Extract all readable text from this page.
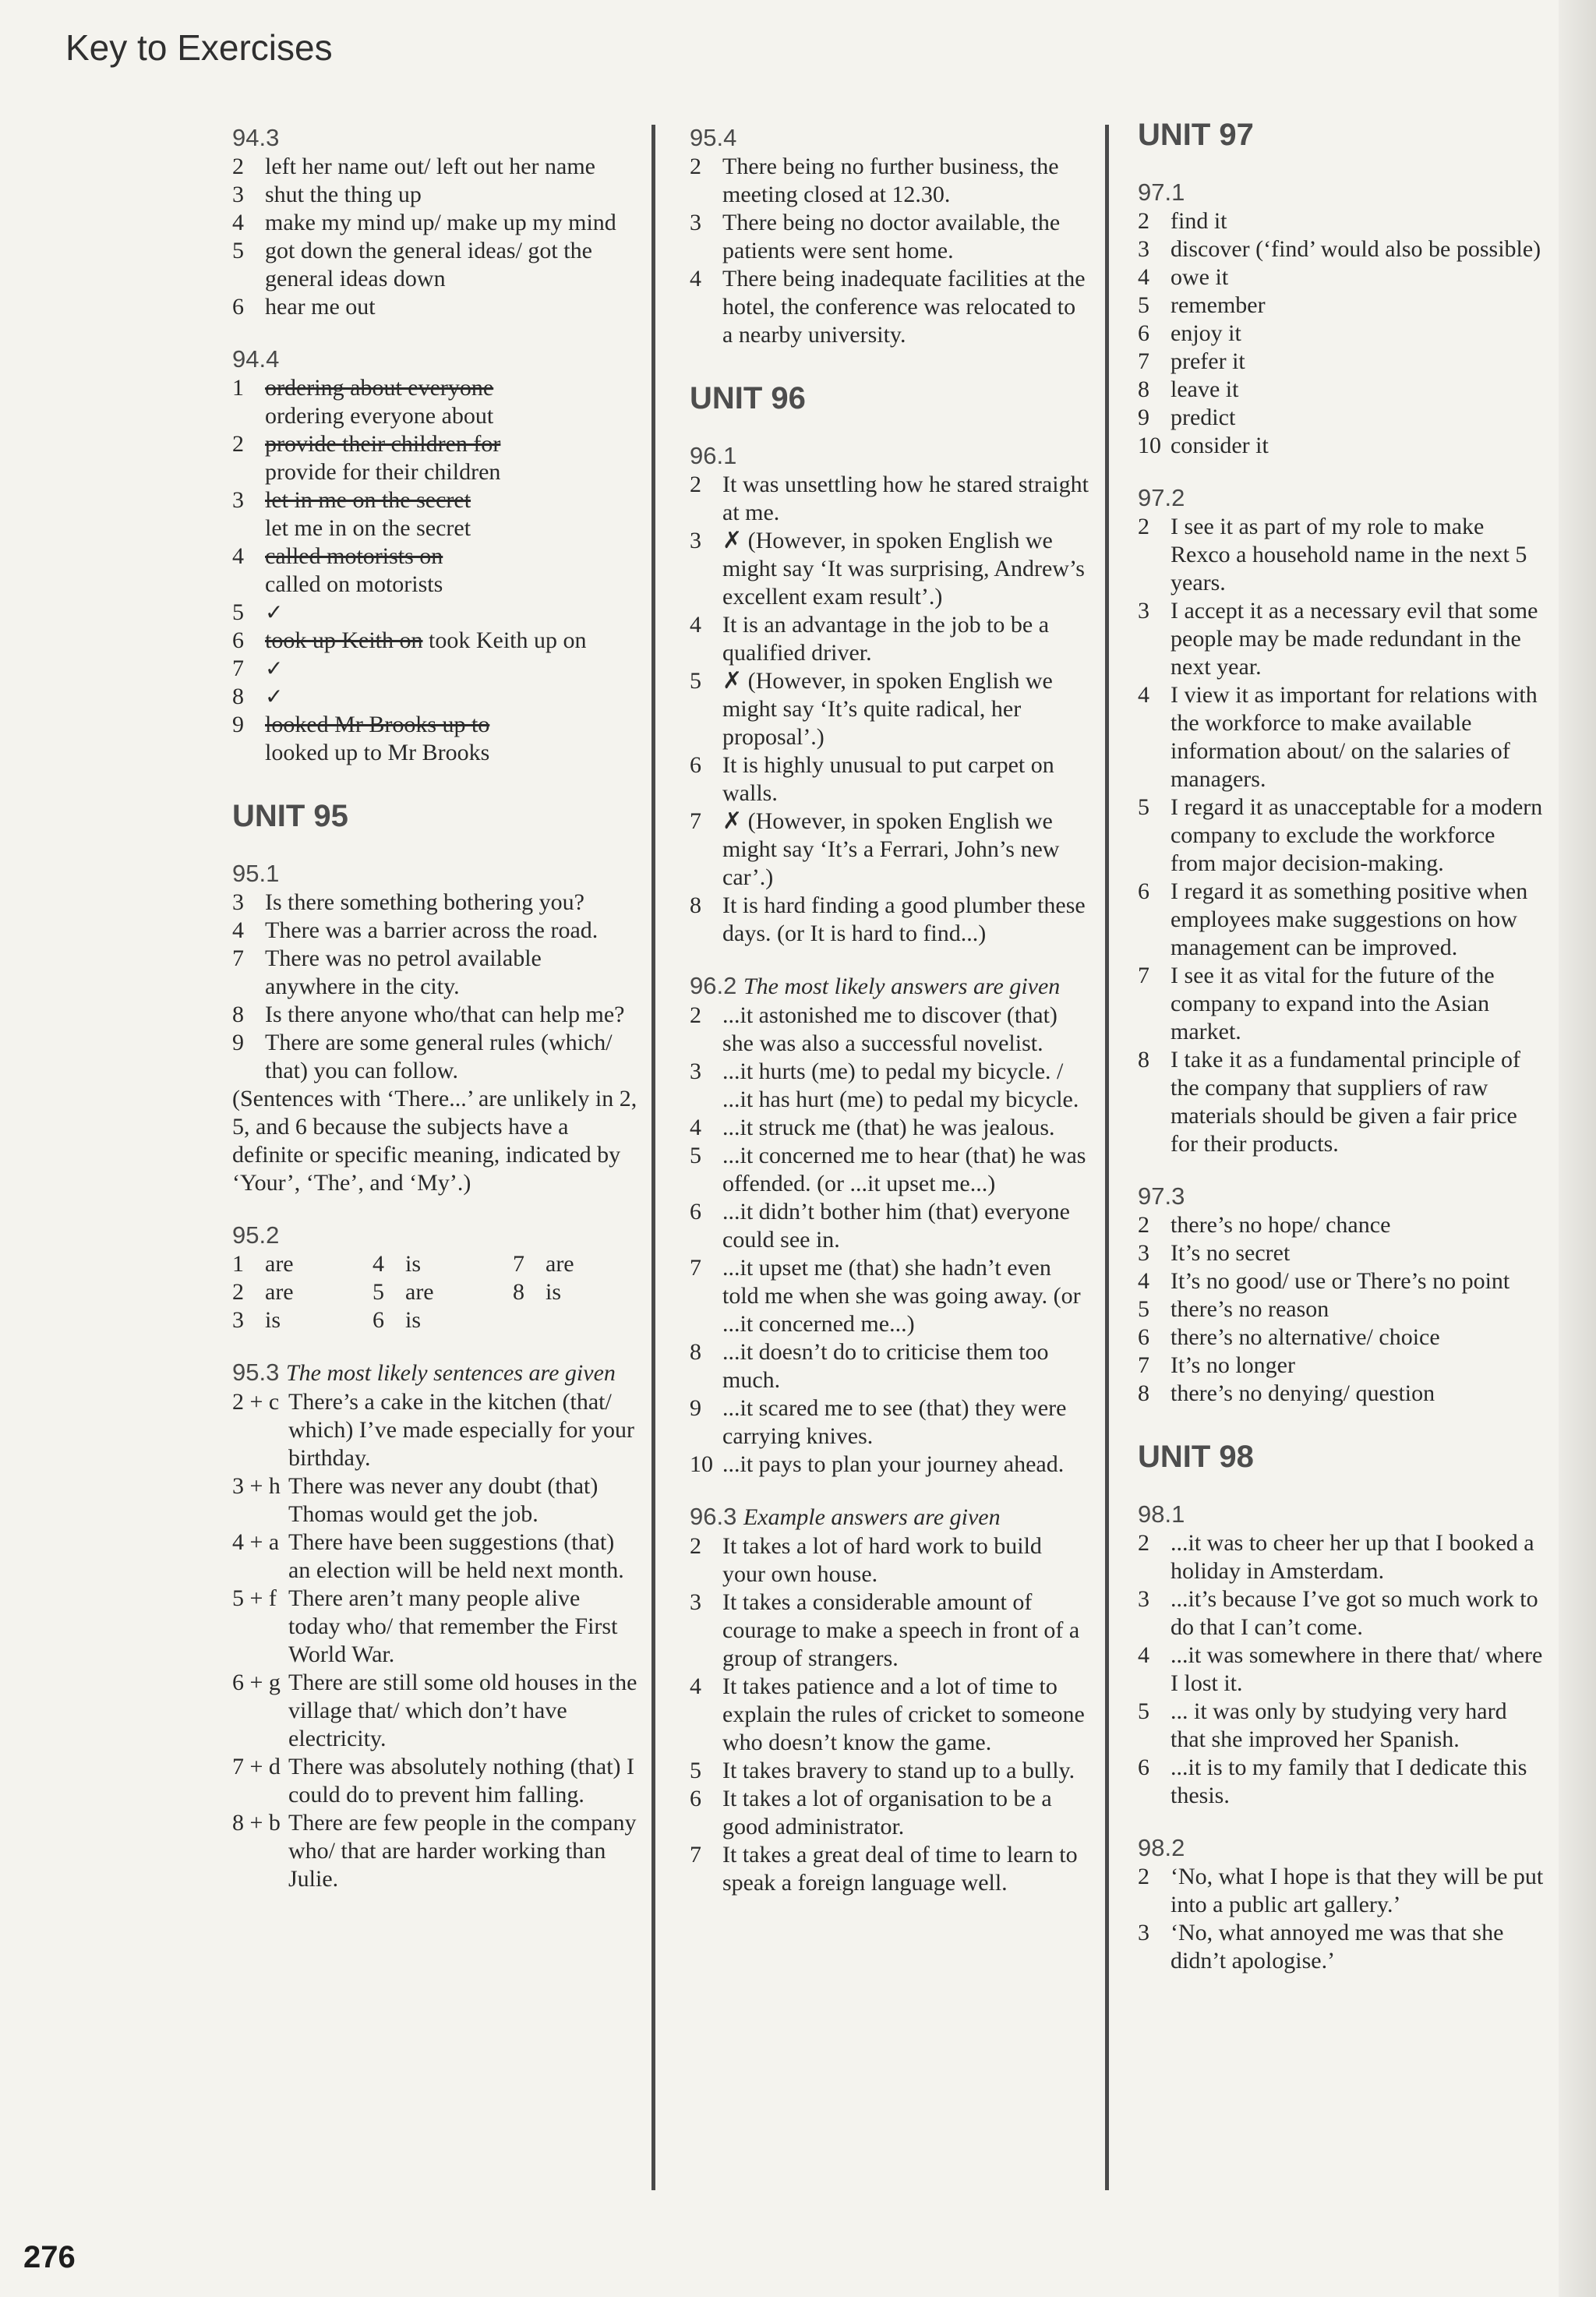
Key to Exercises
94.3
2 left her name out/ left out her name
3 shut the thing up
4 make my mind up/ make up my mind
5 got down the general ideas/ got the general ideas down
6 hear me out
94.4
1 ordering about everyone
ordering everyone about
2 provide their children for
provide for their children
3 let in me on the secret
let me in on the secret
4 called motorists on
called on motorists
5 ✓
6 took up Keith on took Keith up on
7 ✓
8 ✓
9 looked Mr Brooks up to
looked up to Mr Brooks
UNIT 95
95.1
3 Is there something bothering you?
4 There was a barrier across the road.
7 There was no petrol available anywhere in the city.
8 Is there anyone who/that can help me?
9 There are some general rules (which/ that) you can follow.
(Sentences with ‘There...’ are unlikely in 2, 5, and 6 because the subjects have a definite or specific meaning, indicated by ‘Your’, ‘The’, and ‘My’.)
95.2
1 are	4 is	7 are
2 are	5 are	8 is
3 is	6 is
95.3 The most likely sentences are given
2 + c There’s a cake in the kitchen (that/ which) I’ve made especially for your birthday.
3 + h There was never any doubt (that) Thomas would get the job.
4 + a There have been suggestions (that) an election will be held next month.
5 + f There aren’t many people alive today who/ that remember the First World War.
6 + g There are still some old houses in the village that/ which don’t have electricity.
7 + d There was absolutely nothing (that) I could do to prevent him falling.
8 + b There are few people in the company who/ that are harder working than Julie.
95.4
2 There being no further business, the meeting closed at 12.30.
3 There being no doctor available, the patients were sent home.
4 There being inadequate facilities at the hotel, the conference was relocated to a nearby university.
UNIT 96
96.1
2 It was unsettling how he stared straight at me.
3 ✗ (However, in spoken English we might say ‘It was surprising, Andrew’s excellent exam result’.)
4 It is an advantage in the job to be a qualified driver.
5 ✗ (However, in spoken English we might say ‘It’s quite radical, her proposal’.)
6 It is highly unusual to put carpet on walls.
7 ✗ (However, in spoken English we might say ‘It’s a Ferrari, John’s new car’.)
8 It is hard finding a good plumber these days. (or It is hard to find...)
96.2 The most likely answers are given
2 ...it astonished me to discover (that) she was also a successful novelist.
3 ...it hurts (me) to pedal my bicycle. / ...it has hurt (me) to pedal my bicycle.
4 ...it struck me (that) he was jealous.
5 ...it concerned me to hear (that) he was offended. (or ...it upset me...)
6 ...it didn’t bother him (that) everyone could see in.
7 ...it upset me (that) she hadn’t even told me when she was going away. (or ...it concerned me...)
8 ...it doesn’t do to criticise them too much.
9 ...it scared me to see (that) they were carrying knives.
10 ...it pays to plan your journey ahead.
96.3 Example answers are given
2 It takes a lot of hard work to build your own house.
3 It takes a considerable amount of courage to make a speech in front of a group of strangers.
4 It takes patience and a lot of time to explain the rules of cricket to someone who doesn’t know the game.
5 It takes bravery to stand up to a bully.
6 It takes a lot of organisation to be a good administrator.
7 It takes a great deal of time to learn to speak a foreign language well.
UNIT 97
97.1
2 find it
3 discover (‘find’ would also be possible)
4 owe it
5 remember
6 enjoy it
7 prefer it
8 leave it
9 predict
10 consider it
97.2
2 I see it as part of my role to make Rexco a household name in the next 5 years.
3 I accept it as a necessary evil that some people may be made redundant in the next year.
4 I view it as important for relations with the workforce to make available information about/ on the salaries of managers.
5 I regard it as unacceptable for a modern company to exclude the workforce from major decision-making.
6 I regard it as something positive when employees make suggestions on how management can be improved.
7 I see it as vital for the future of the company to expand into the Asian market.
8 I take it as a fundamental principle of the company that suppliers of raw materials should be given a fair price for their products.
97.3
2 there’s no hope/ chance
3 It’s no secret
4 It’s no good/ use or There’s no point
5 there’s no reason
6 there’s no alternative/ choice
7 It’s no longer
8 there’s no denying/ question
UNIT 98
98.1
2 ...it was to cheer her up that I booked a holiday in Amsterdam.
3 ...it’s because I’ve got so much work to do that I can’t come.
4 ...it was somewhere in there that/ where I lost it.
5 ... it was only by studying very hard that she improved her Spanish.
6 ...it is to my family that I dedicate this thesis.
98.2
2 ‘No, what I hope is that they will be put into a public art gallery.’
3 ‘No, what annoyed me was that she didn’t apologise.’
276
